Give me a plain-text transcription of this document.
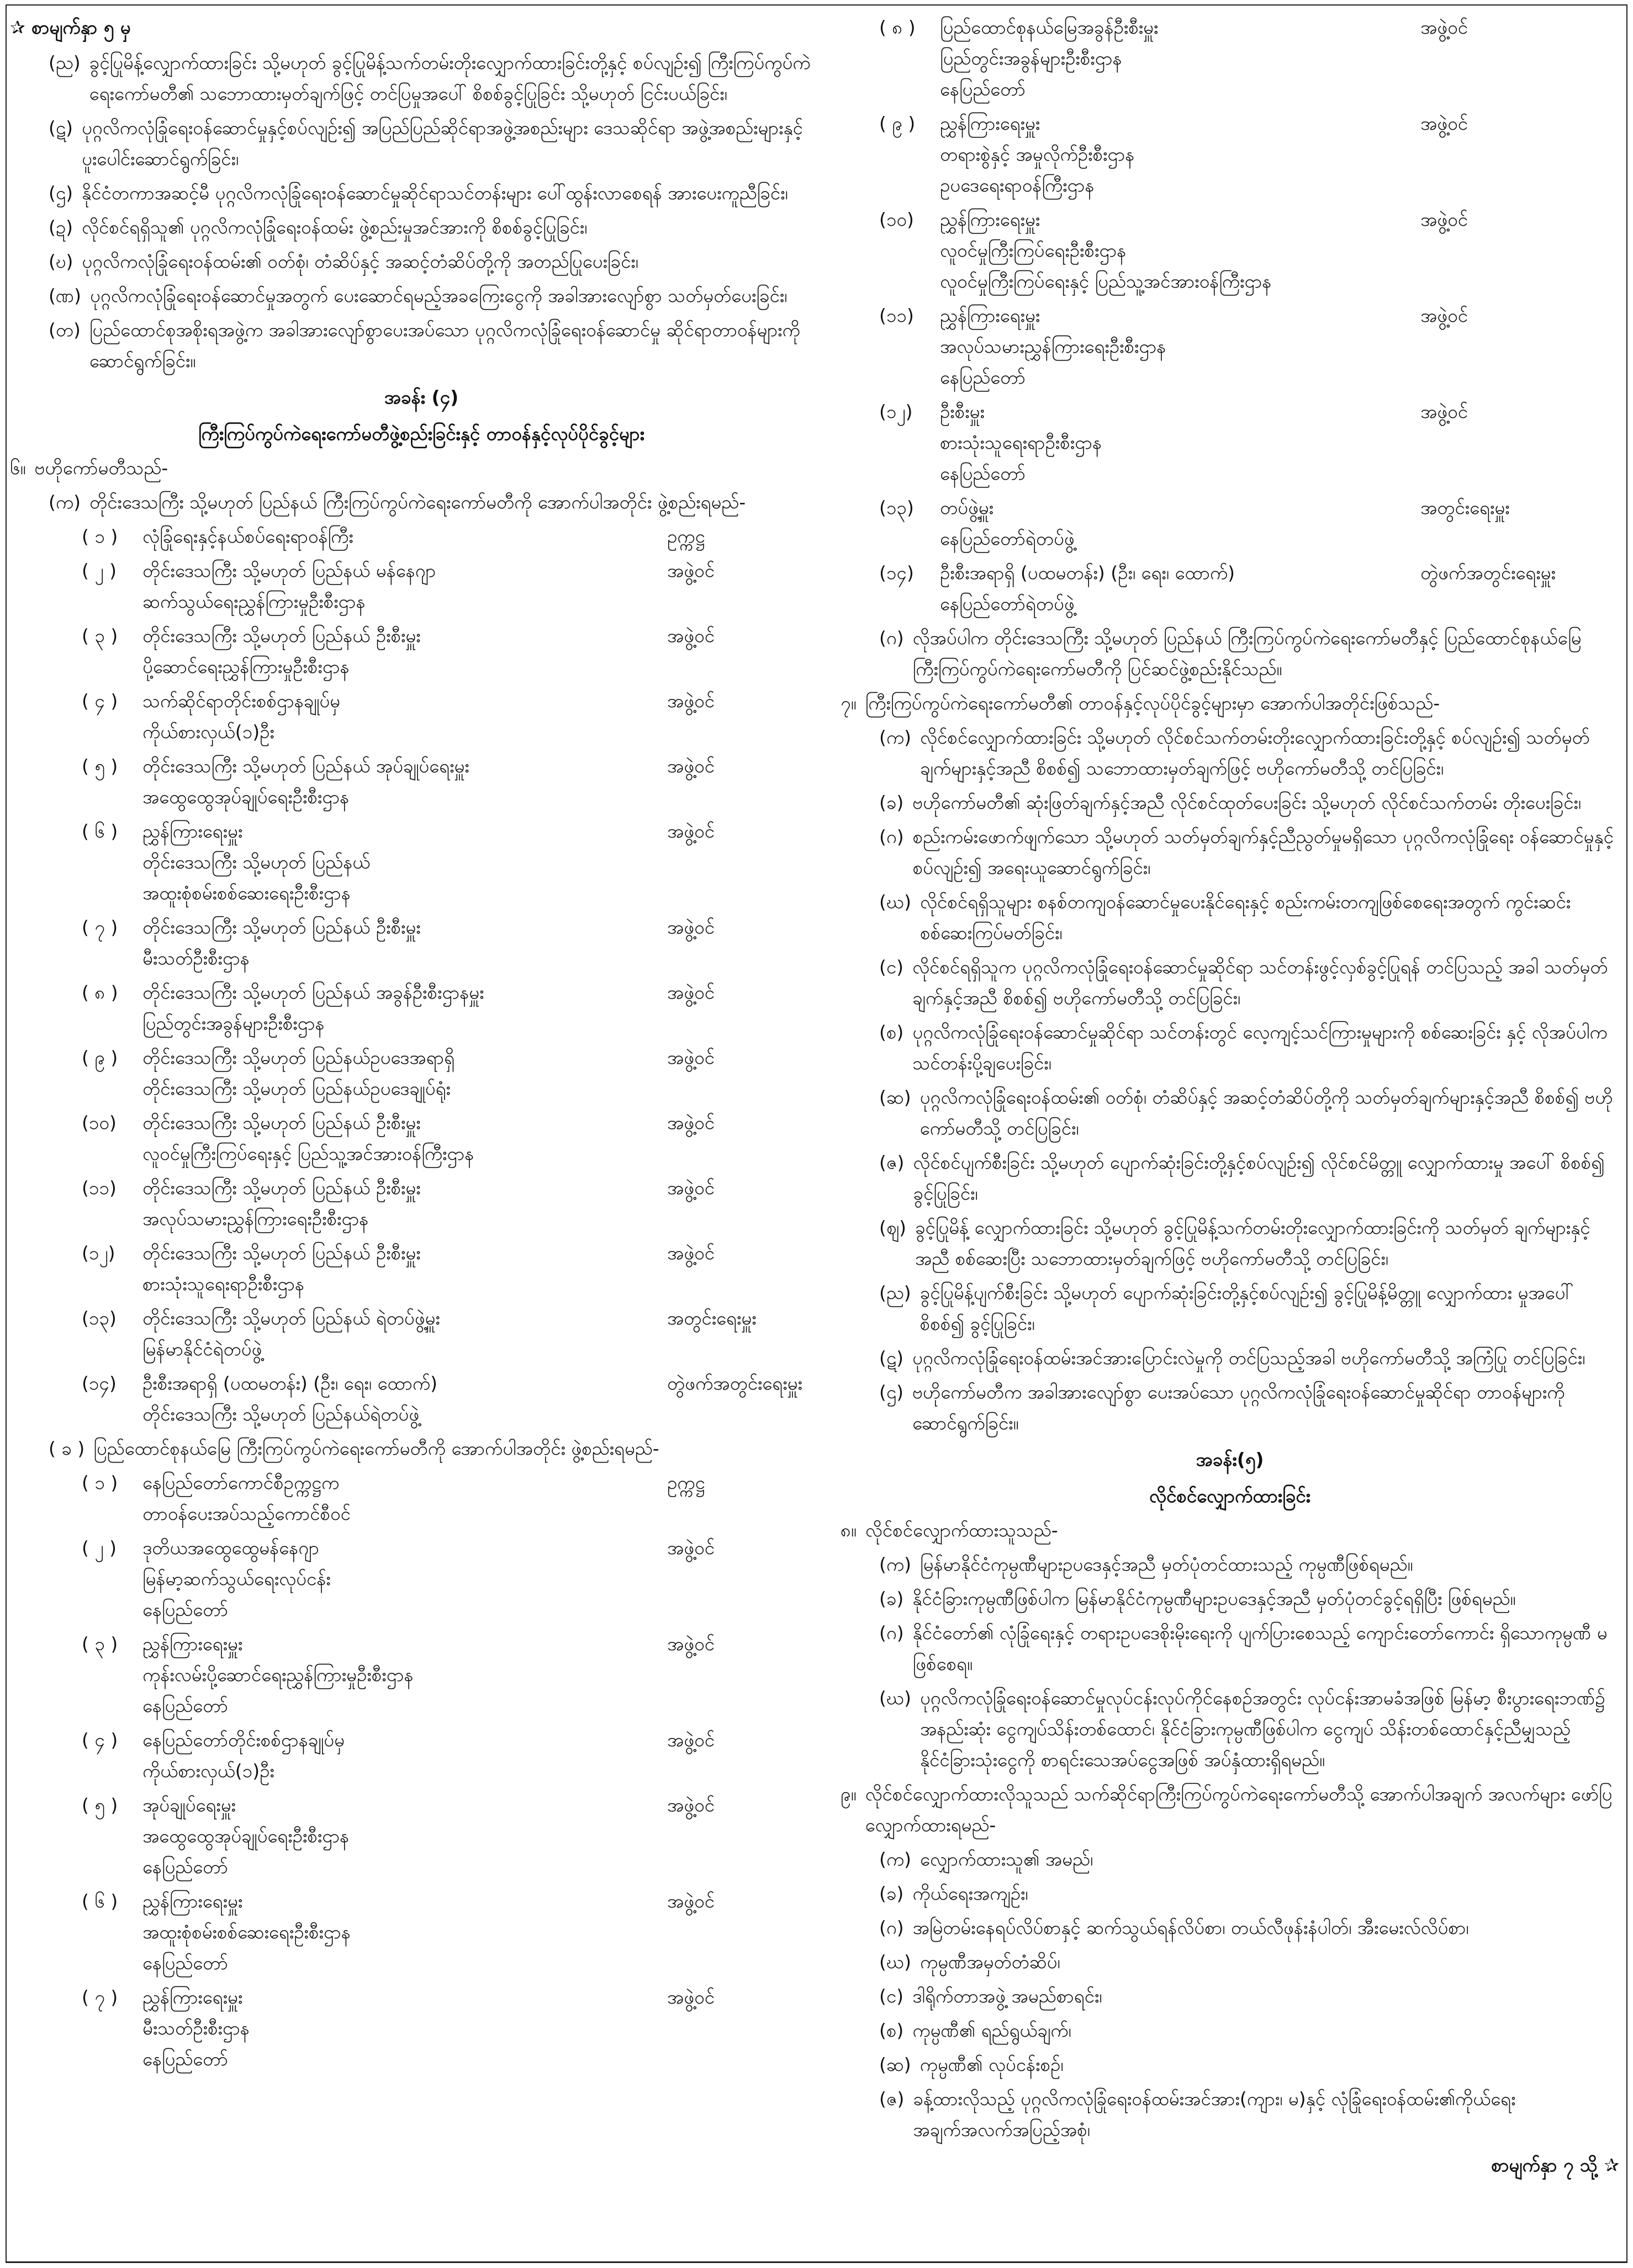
✰ စာမျက်နှာ ၅ မှ
(ည) ခွင့်ပြုမိန့်လျှောက်ထားခြင်း သို့မဟုတ် ခွင့်ပြုမိန့်သက်တမ်းတိုးလျှောက်ထားခြင်းတို့နှင့် စပ်လျဉ်း၍ ကြီးကြပ်ကွပ်ကဲရေးကော်မတီ၏ သဘောထားမှတ်ချက်ဖြင့် တင်ပြမှုအပေါ် စိစစ်ခွင့်ပြုခြင်း သို့မဟုတ် ငြင်းပယ်ခြင်း၊
(ဋ) ပုဂ္ဂလိကလုံခြုံရေးဝန်ဆောင်မှုနှင့်စပ်လျဉ်း၍ အပြည်ပြည်ဆိုင်ရာအဖွဲ့အစည်းများ ဒေသဆိုင်ရာ အဖွဲ့အစည်းများနှင့် ပူးပေါင်းဆောင်ရွက်ခြင်း၊
(ဌ) နိုင်ငံတကာအဆင့်မီ ပုဂ္ဂလိကလုံခြုံရေးဝန်ဆောင်မှုဆိုင်ရာသင်တန်းများ ပေါ်ထွန်းလာစေရန် အားပေးကူညီခြင်း၊
(ဍ) လိုင်စင်ရရှိသူ၏ ပုဂ္ဂလိကလုံခြုံရေးဝန်ထမ်း ဖွဲ့စည်းမှုအင်အားကို စိစစ်ခွင့်ပြုခြင်း၊
(ဎ) ပုဂ္ဂလိကလုံခြုံရေးဝန်ထမ်း၏ ဝတ်စုံ၊ တံဆိပ်နှင့် အဆင့်တံဆိပ်တို့ကို အတည်ပြုပေးခြင်း၊
(ဏ) ပုဂ္ဂလိကလုံခြုံရေးဝန်ဆောင်မှုအတွက် ပေးဆောင်ရမည့်အခကြေးငွေကို အခါအားလျော်စွာ သတ်မှတ်ပေးခြင်း၊
(တ) ပြည်ထောင်စုအစိုးရအဖွဲ့က အခါအားလျော်စွာပေးအပ်သော ပုဂ္ဂလိကလုံခြုံရေးဝန်ဆောင်မှု ဆိုင်ရာတာဝန်များကို ဆောင်ရွက်ခြင်း။
အခန်း (၄)
ကြီးကြပ်ကွပ်ကဲရေးကော်မတီဖွဲ့စည်းခြင်းနှင့် တာဝန်နှင့်လုပ်ပိုင်ခွင့်များ
၆။ ဗဟိုကော်မတီသည်-
(က) တိုင်းဒေသကြီး သို့မဟုတ် ပြည်နယ် ကြီးကြပ်ကွပ်ကဲရေးကော်မတီကို အောက်ပါအတိုင်း ဖွဲ့စည်းရမည်-
( ၁ )	လုံခြုံရေးနှင့်နယ်စပ်ရေးရာဝန်ကြီး	ဥက္ကဋ္ဌ
( ၂ )	တိုင်းဒေသကြီး သို့မဟုတ် ပြည်နယ် မန်နေဂျာ
ဆက်သွယ်ရေးညွှန်ကြားမှုဦးစီးဌာန
အဖွဲ့ဝင်
( ၃ )	တိုင်းဒေသကြီး သို့မဟုတ် ပြည်နယ် ဦးစီးမှူး
ပို့ဆောင်ရေးညွှန်ကြားမှုဦးစီးဌာန
အဖွဲ့ဝင်
( ၄ )	သက်ဆိုင်ရာတိုင်းစစ်ဌာနချုပ်မှ
ကိုယ်စားလှယ်(၁)ဦး
အဖွဲ့ဝင်
( ၅ )	တိုင်းဒေသကြီး သို့မဟုတ် ပြည်နယ် အုပ်ချုပ်ရေးမှူး
အထွေထွေအုပ်ချုပ်ရေးဦးစီးဌာန
အဖွဲ့ဝင်
( ၆ )	ညွှန်ကြားရေးမှူး
တိုင်းဒေသကြီး သို့မဟုတ် ပြည်နယ်
အထူးစုံစမ်းစစ်ဆေးရေးဦးစီးဌာန
အဖွဲ့ဝင်
( ၇ )	တိုင်းဒေသကြီး သို့မဟုတ် ပြည်နယ် ဦးစီးမှူး
မီးသတ်ဦးစီးဌာန
အဖွဲ့ဝင်
( ၈ )	တိုင်းဒေသကြီး သို့မဟုတ် ပြည်နယ် အခွန်ဦးစီးဌာနမှူး
ပြည်တွင်းအခွန်များဦးစီးဌာန
အဖွဲ့ဝင်
( ၉ )	တိုင်းဒေသကြီး သို့မဟုတ် ပြည်နယ်ဥပဒေအရာရှိ
တိုင်းဒေသကြီး သို့မဟုတ် ပြည်နယ်ဥပဒေချုပ်ရုံး
အဖွဲ့ဝင်
(၁၀)	တိုင်းဒေသကြီး သို့မဟုတ် ပြည်နယ် ဦးစီးမှူး
လူဝင်မှုကြီးကြပ်ရေးနှင့် ပြည်သူ့အင်အားဝန်ကြီးဌာန
အဖွဲ့ဝင်
(၁၁)	တိုင်းဒေသကြီး သို့မဟုတ် ပြည်နယ် ဦးစီးမှူး
အလုပ်သမားညွှန်ကြားရေးဦးစီးဌာန
အဖွဲ့ဝင်
(၁၂)	တိုင်းဒေသကြီး သို့မဟုတ် ပြည်နယ် ဦးစီးမှူး
စားသုံးသူရေးရာဦးစီးဌာန
အဖွဲ့ဝင်
(၁၃)	တိုင်းဒေသကြီး သို့မဟုတ် ပြည်နယ် ရဲတပ်ဖွဲ့မှူး
မြန်မာနိုင်ငံရဲတပ်ဖွဲ့
အတွင်းရေးမှူး
(၁၄)	ဦးစီးအရာရှိ (ပထမတန်း) (ဦး၊ ရေး၊ ထောက်)
တိုင်းဒေသကြီး သို့မဟုတ် ပြည်နယ်ရဲတပ်ဖွဲ့
တွဲဖက်အတွင်းရေးမှူး
( ခ ) ပြည်ထောင်စုနယ်မြေ ကြီးကြပ်ကွပ်ကဲရေးကော်မတီကို အောက်ပါအတိုင်း ဖွဲ့စည်းရမည်-
( ၁ )	နေပြည်တော်ကောင်စီဥက္ကဋ္ဌက
တာဝန်ပေးအပ်သည့်ကောင်စီဝင်
ဥက္ကဋ္ဌ
( ၂ )	ဒုတိယအထွေထွေမန်နေဂျာ
မြန်မာ့ဆက်သွယ်ရေးလုပ်ငန်း
နေပြည်တော်
အဖွဲ့ဝင်
( ၃ )	ညွှန်ကြားရေးမှူး
ကုန်းလမ်းပို့ဆောင်ရေးညွှန်ကြားမှုဦးစီးဌာန
နေပြည်တော်
အဖွဲ့ဝင်
( ၄ )	နေပြည်တော်တိုင်းစစ်ဌာနချုပ်မှ
ကိုယ်စားလှယ်(၁)ဦး
အဖွဲ့ဝင်
( ၅ )	အုပ်ချုပ်ရေးမှူး
အထွေထွေအုပ်ချုပ်ရေးဦးစီးဌာန
နေပြည်တော်
အဖွဲ့ဝင်
( ၆ )	ညွှန်ကြားရေးမှူး
အထူးစုံစမ်းစစ်ဆေးရေးဦးစီးဌာန
နေပြည်တော်
အဖွဲ့ဝင်
( ၇ )	ညွှန်ကြားရေးမှူး
မီးသတ်ဦးစီးဌာန
နေပြည်တော်
အဖွဲ့ဝင်
( ၈ )	ပြည်ထောင်စုနယ်မြေအခွန်ဦးစီးမှူး
ပြည်တွင်းအခွန်များဦးစီးဌာန
နေပြည်တော်
အဖွဲ့ဝင်
( ၉ )	ညွှန်ကြားရေးမှူး
တရားစွဲနှင့် အမှုလိုက်ဦးစီးဌာန
ဥပဒေရေးရာဝန်ကြီးဌာန
အဖွဲ့ဝင်
(၁၀)	ညွှန်ကြားရေးမှူး
လူဝင်မှုကြီးကြပ်ရေးဦးစီးဌာန
လူဝင်မှုကြီးကြပ်ရေးနှင့် ပြည်သူ့အင်အားဝန်ကြီးဌာန
အဖွဲ့ဝင်
(၁၁)	ညွှန်ကြားရေးမှူး
အလုပ်သမားညွှန်ကြားရေးဦးစီးဌာန
နေပြည်တော်
အဖွဲ့ဝင်
(၁၂)	ဦးစီးမှူး
စားသုံးသူရေးရာဦးစီးဌာန
နေပြည်တော်
အဖွဲ့ဝင်
(၁၃)	တပ်ဖွဲ့မှူး
နေပြည်တော်ရဲတပ်ဖွဲ့
အတွင်းရေးမှူး
(၁၄)	ဦးစီးအရာရှိ (ပထမတန်း) (ဦး၊ ရေး၊ ထောက်)
နေပြည်တော်ရဲတပ်ဖွဲ့
တွဲဖက်အတွင်းရေးမှူး
(ဂ) လိုအပ်ပါက တိုင်းဒေသကြီး သို့မဟုတ် ပြည်နယ် ကြီးကြပ်ကွပ်ကဲရေးကော်မတီနှင့် ပြည်ထောင်စုနယ်မြေ ကြီးကြပ်ကွပ်ကဲရေးကော်မတီကို ပြင်ဆင်ဖွဲ့စည်းနိုင်သည်။
၇။ ကြီးကြပ်ကွပ်ကဲရေးကော်မတီ၏ တာဝန်နှင့်လုပ်ပိုင်ခွင့်များမှာ အောက်ပါအတိုင်းဖြစ်သည်-
(က) လိုင်စင်လျှောက်ထားခြင်း သို့မဟုတ် လိုင်စင်သက်တမ်းတိုးလျှောက်ထားခြင်းတို့နှင့် စပ်လျဉ်း၍ သတ်မှတ်ချက်များနှင့်အညီ စိစစ်၍ သဘောထားမှတ်ချက်ဖြင့် ဗဟိုကော်မတီသို့ တင်ပြခြင်း၊
(ခ) ဗဟိုကော်မတီ၏ ဆုံးဖြတ်ချက်နှင့်အညီ လိုင်စင်ထုတ်ပေးခြင်း သို့မဟုတ် လိုင်စင်သက်တမ်း တိုးပေးခြင်း၊
(ဂ) စည်းကမ်းဖောက်ဖျက်သော သို့မဟုတ် သတ်မှတ်ချက်နှင့်ညီညွတ်မှုမရှိသော ပုဂ္ဂလိကလုံခြုံရေး ဝန်ဆောင်မှုနှင့်စပ်လျဉ်း၍ အရေးယူဆောင်ရွက်ခြင်း၊
(ဃ) လိုင်စင်ရရှိသူများ စနစ်တကျဝန်ဆောင်မှုပေးနိုင်ရေးနှင့် စည်းကမ်းတကျဖြစ်စေရေးအတွက် ကွင်းဆင်းစစ်ဆေးကြပ်မတ်ခြင်း၊
(င) လိုင်စင်ရရှိသူက ပုဂ္ဂလိကလုံခြုံရေးဝန်ဆောင်မှုဆိုင်ရာ သင်တန်းဖွင့်လှစ်ခွင့်ပြုရန် တင်ပြသည့် အခါ သတ်မှတ်ချက်နှင့်အညီ စိစစ်၍ ဗဟိုကော်မတီသို့ တင်ပြခြင်း၊
(စ) ပုဂ္ဂလိကလုံခြုံရေးဝန်ဆောင်မှုဆိုင်ရာ သင်တန်းတွင် လေ့ကျင့်သင်ကြားမှုများကို စစ်ဆေးခြင်း နှင့် လိုအပ်ပါက သင်တန်းပို့ချပေးခြင်း၊
(ဆ) ပုဂ္ဂလိကလုံခြုံရေးဝန်ထမ်း၏ ဝတ်စုံ၊ တံဆိပ်နှင့် အဆင့်တံဆိပ်တို့ကို သတ်မှတ်ချက်များနှင့်အညီ စိစစ်၍ ဗဟိုကော်မတီသို့ တင်ပြခြင်း၊
(ဇ) လိုင်စင်ပျက်စီးခြင်း သို့မဟုတ် ပျောက်ဆုံးခြင်းတို့နှင့်စပ်လျဉ်း၍ လိုင်စင်မိတ္တူ လျှောက်ထားမှု အပေါ် စိစစ်၍ ခွင့်ပြုခြင်း၊
(ဈ) ခွင့်ပြုမိန့် လျှောက်ထားခြင်း သို့မဟုတ် ခွင့်ပြုမိန့်သက်တမ်းတိုးလျှောက်ထားခြင်းကို သတ်မှတ် ချက်များနှင့်အညီ စစ်ဆေးပြီး သဘောထားမှတ်ချက်ဖြင့် ဗဟိုကော်မတီသို့ တင်ပြခြင်း၊
(ည) ခွင့်ပြုမိန့်ပျက်စီးခြင်း သို့မဟုတ် ပျောက်ဆုံးခြင်းတို့နှင့်စပ်လျဉ်း၍ ခွင့်ပြုမိန့်မိတ္တူ လျှောက်ထား မှုအပေါ် စိစစ်၍ ခွင့်ပြုခြင်း၊
(ဋ) ပုဂ္ဂလိကလုံခြုံရေးဝန်ထမ်းအင်အားပြောင်းလဲမှုကို တင်ပြသည့်အခါ ဗဟိုကော်မတီသို့ အကြံပြု တင်ပြခြင်း၊
(ဌ) ဗဟိုကော်မတီက အခါအားလျော်စွာ ပေးအပ်သော ပုဂ္ဂလိကလုံခြုံရေးဝန်ဆောင်မှုဆိုင်ရာ တာဝန်များကို ဆောင်ရွက်ခြင်း။
အခန်း(၅)
လိုင်စင်လျှောက်ထားခြင်း
၈။ လိုင်စင်လျှောက်ထားသူသည်-
(က) မြန်မာနိုင်ငံကုမ္ပဏီများဥပဒေနှင့်အညီ မှတ်ပုံတင်ထားသည့် ကုမ္ပဏီဖြစ်ရမည်။
(ခ) နိုင်ငံခြားကုမ္ပဏီဖြစ်ပါက မြန်မာနိုင်ငံကုမ္ပဏီများဥပဒေနှင့်အညီ မှတ်ပုံတင်ခွင့်ရရှိပြီး ဖြစ်ရမည်။
(ဂ) နိုင်ငံတော်၏ လုံခြုံရေးနှင့် တရားဥပဒေစိုးမိုးရေးကို ပျက်ပြားစေသည့် ကျောင်းတော်ကောင်း ရှိသောကုမ္ပဏီ မဖြစ်စေရ။
(ဃ) ပုဂ္ဂလိကလုံခြုံရေးဝန်ဆောင်မှုလုပ်ငန်းလုပ်ကိုင်နေစဉ်အတွင်း လုပ်ငန်းအာမခံအဖြစ် မြန်မာ့ စီးပွားရေးဘဏ်၌ အနည်းဆုံး ငွေကျပ်သိန်းတစ်ထောင်၊ နိုင်ငံခြားကုမ္ပဏီဖြစ်ပါက ငွေကျပ် သိန်းတစ်ထောင်နှင့်ညီမျှသည့် နိုင်ငံခြားသုံးငွေကို စာရင်းသေအပ်ငွေအဖြစ် အပ်နှံထားရှိရမည်။
၉။ လိုင်စင်လျှောက်ထားလိုသူသည် သက်ဆိုင်ရာကြီးကြပ်ကွပ်ကဲရေးကော်မတီသို့ အောက်ပါအချက် အလက်များ ဖော်ပြလျှောက်ထားရမည်-
(က) လျှောက်ထားသူ၏ အမည်၊
(ခ) ကိုယ်ရေးအကျဉ်း၊
(ဂ) အမြဲတမ်းနေရပ်လိပ်စာနှင့် ဆက်သွယ်ရန်လိပ်စာ၊ တယ်လီဖုန်းနံပါတ်၊ အီးမေးလ်လိပ်စာ၊
(ဃ) ကုမ္ပဏီအမှတ်တံဆိပ်၊
(င) ဒါရိုက်တာအဖွဲ့ အမည်စာရင်း၊
(စ) ကုမ္ပဏီ၏ ရည်ရွယ်ချက်၊
(ဆ) ကုမ္ပဏီ၏ လုပ်ငန်းစဉ်၊
(ဇ) ခန့်ထားလိုသည့် ပုဂ္ဂလိကလုံခြုံရေးဝန်ထမ်းအင်အား(ကျား၊ မ)နှင့် လုံခြုံရေးဝန်ထမ်း၏ကိုယ်ရေး အချက်အလက်အပြည့်အစုံ၊
စာမျက်နှာ ၇ သို့ ✰
